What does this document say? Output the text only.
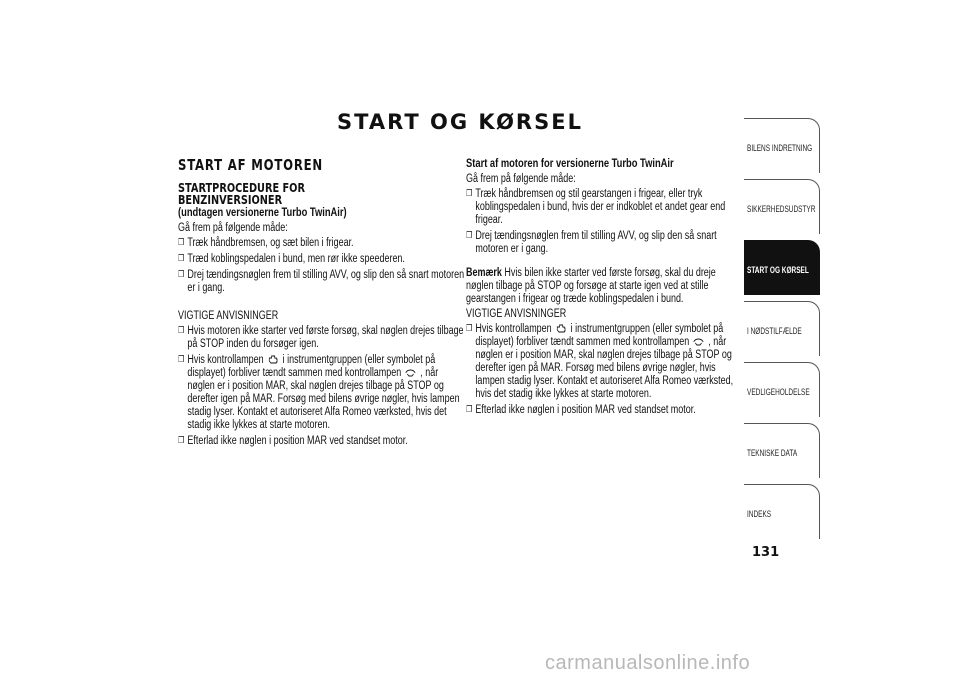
START OG KØRSEL
START AF MOTOREN
STARTPROCEDURE FOR
BENZINVERSIONER
(undtagen versionerne Turbo TwinAir)
Gå frem på følgende måde:
❐ Træk håndbremsen, og sæt bilen i frigear.
❐ Træd koblingspedalen i bund, men rør ikke speederen.
❐ Drej tændingsnøglen frem til stilling AVV, og slip den så snart motoren er i gang.
VIGTIGE ANVISNINGER
❐ Hvis motoren ikke starter ved første forsøg, skal nøglen drejes tilbage på STOP inden du forsøger igen.
❐ Hvis kontrollampen i instrumentgruppen (eller symbolet på displayet) forbliver tændt sammen med kontrollampen , når nøglen er i position MAR, skal nøglen drejes tilbage på STOP og derefter igen på MAR. Forsøg med bilens øvrige nøgler, hvis lampen stadig lyser. Kontakt et autoriseret Alfa Romeo værksted, hvis det stadig ikke lykkes at starte motoren.
❐ Efterlad ikke nøglen i position MAR ved standset motor.
Start af motoren for versionerne Turbo TwinAir
Gå frem på følgende måde:
❐ Træk håndbremsen og stil gearstangen i frigear, eller tryk koblingspedalen i bund, hvis der er indkoblet et andet gear end frigear.
❐ Drej tændingsnøglen frem til stilling AVV, og slip den så snart motoren er i gang.
Bemærk Hvis bilen ikke starter ved første forsøg, skal du dreje nøglen tilbage på STOP og forsøge at starte igen ved at stille gearstangen i frigear og træde koblingspedalen i bund.
VIGTIGE ANVISNINGER
❐ Hvis kontrollampen i instrumentgruppen (eller symbolet på displayet) forbliver tændt sammen med kontrollampen , når nøglen er i position MAR, skal nøglen drejes tilbage på STOP og derefter igen på MAR. Forsøg med bilens øvrige nøgler, hvis lampen stadig lyser. Kontakt et autoriseret Alfa Romeo værksted, hvis det stadig ikke lykkes at starte motoren.
❐ Efterlad ikke nøglen i position MAR ved standset motor.
BILENS INDRETNING
SIKKERHEDSUDSTYR
START OG KØRSEL
I NØDSTILFÆLDE
VEDLIGEHOLDELSE
TEKNISKE DATA
INDEKS
131
carmanualsonline.info
